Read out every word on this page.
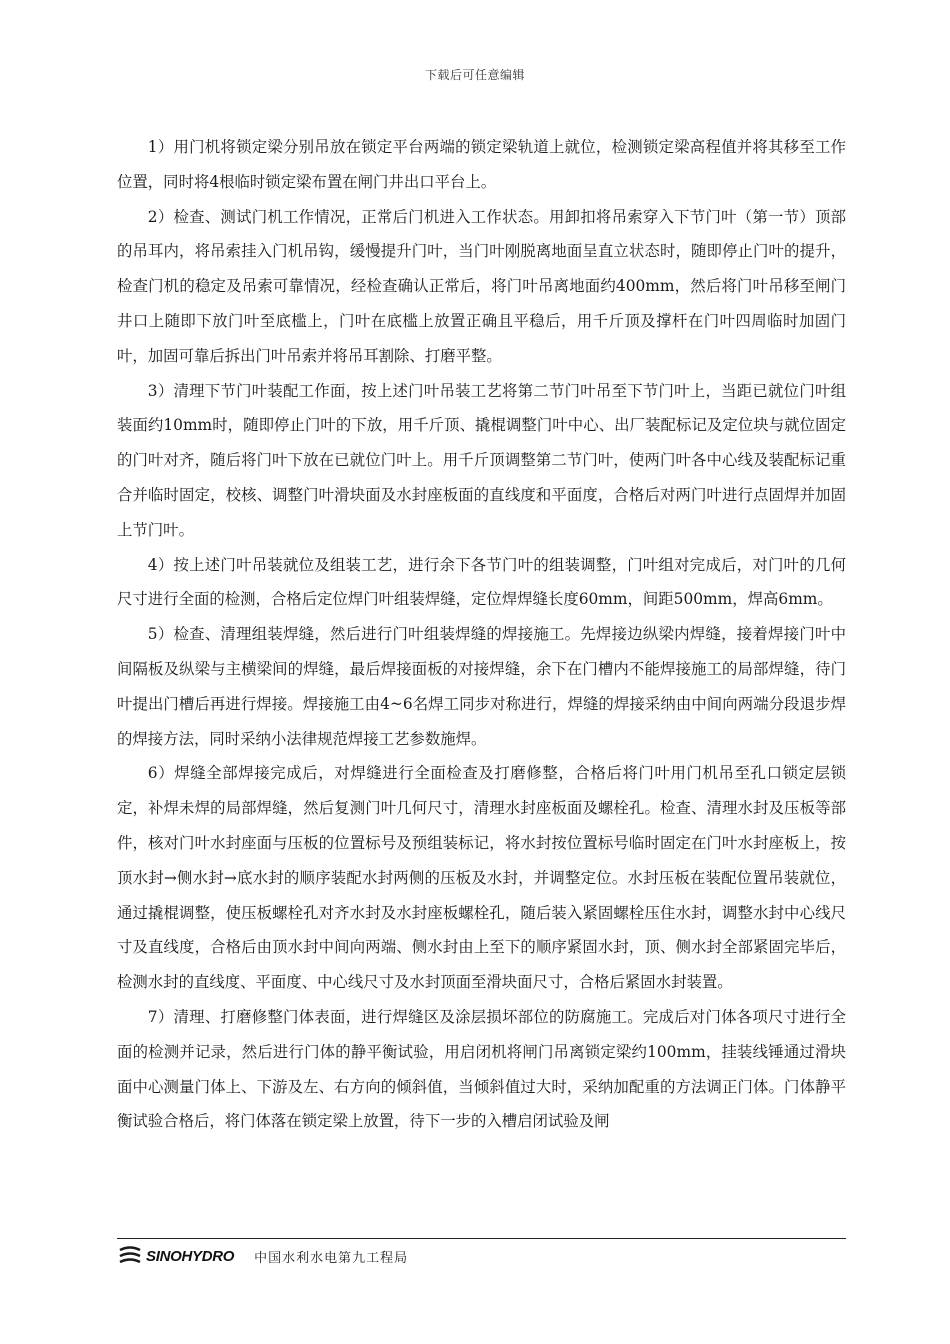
下载后可任意编辑

1）用门机将锁定梁分别吊放在锁定平台两端的锁定梁轨道上就位，检测锁定梁高程值并将其移至工作位置，同时将4根临时锁定梁布置在闸门井出口平台上。

2）检查、测试门机工作情况，正常后门机进入工作状态。用卸扣将吊索穿入下节门叶（第一节）顶部的吊耳内，将吊索挂入门机吊钩，缓慢提升门叶，当门叶刚脱离地面呈直立状态时，随即停止门叶的提升，检查门机的稳定及吊索可靠情况，经检查确认正常后，将门叶吊离地面约400mm，然后将门叶吊移至闸门井口上随即下放门叶至底槛上，门叶在底槛上放置正确且平稳后，用千斤顶及撑杆在门叶四周临时加固门叶，加固可靠后拆出门叶吊索并将吊耳割除、打磨平整。

3）清理下节门叶装配工作面，按上述门叶吊装工艺将第二节门叶吊至下节门叶上，当距已就位门叶组装面约10mm时，随即停止门叶的下放，用千斤顶、撬棍调整门叶中心、出厂装配标记及定位块与就位固定的门叶对齐，随后将门叶下放在已就位门叶上。用千斤顶调整第二节门叶，使两门叶各中心线及装配标记重合并临时固定，校核、调整门叶滑块面及水封座板面的直线度和平面度，合格后对两门叶进行点固焊并加固上节门叶。

4）按上述门叶吊装就位及组装工艺，进行余下各节门叶的组装调整，门叶组对完成后，对门叶的几何尺寸进行全面的检测，合格后定位焊门叶组装焊缝，定位焊焊缝长度60mm，间距500mm，焊高6mm。

5）检查、清理组装焊缝，然后进行门叶组装焊缝的焊接施工。先焊接边纵梁内焊缝，接着焊接门叶中间隔板及纵梁与主横梁间的焊缝，最后焊接面板的对接焊缝，余下在门槽内不能焊接施工的局部焊缝，待门叶提出门槽后再进行焊接。焊接施工由4~6名焊工同步对称进行，焊缝的焊接采纳由中间向两端分段退步焊的焊接方法，同时采纳小法律规范焊接工艺参数施焊。

6）焊缝全部焊接完成后，对焊缝进行全面检查及打磨修整，合格后将门叶用门机吊至孔口锁定层锁定，补焊未焊的局部焊缝，然后复测门叶几何尺寸，清理水封座板面及螺栓孔。检查、清理水封及压板等部件，核对门叶水封座面与压板的位置标号及预组装标记，将水封按位置标号临时固定在门叶水封座板上，按顶水封→侧水封→底水封的顺序装配水封两侧的压板及水封，并调整定位。水封压板在装配位置吊装就位，通过撬棍调整，使压板螺栓孔对齐水封及水封座板螺栓孔，随后装入紧固螺栓压住水封，调整水封中心线尺寸及直线度，合格后由顶水封中间向两端、侧水封由上至下的顺序紧固水封，顶、侧水封全部紧固完毕后，检测水封的直线度、平面度、中心线尺寸及水封顶面至滑块面尺寸，合格后紧固水封装置。

7）清理、打磨修整门体表面，进行焊缝区及涂层损坏部位的防腐施工。完成后对门体各项尺寸进行全面的检测并记录，然后进行门体的静平衡试验，用启闭机将闸门吊离锁定梁约100mm，挂装线锤通过滑块面中心测量门体上、下游及左、右方向的倾斜值，当倾斜值过大时，采纳加配重的方法调正门体。门体静平衡试验合格后，将门体落在锁定梁上放置，待下一步的入槽启闭试验及闸

SINOHYDRO 中国水利水电第九工程局
